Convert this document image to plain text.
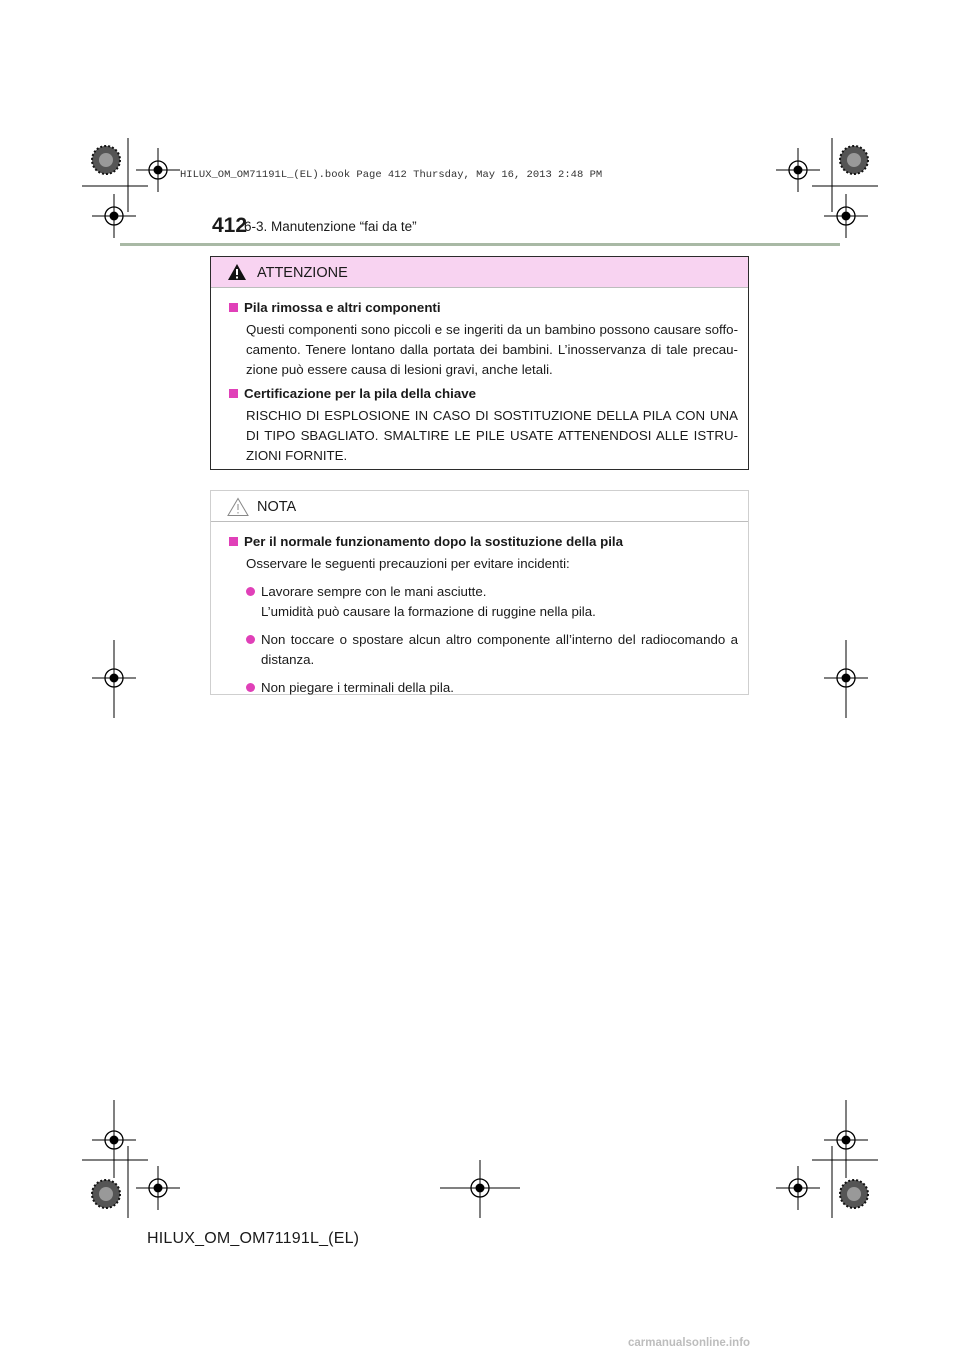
HILUX_OM_OM71191L_(EL).book Page 412 Thursday, May 16, 2013 2:48 PM
412
6-3. Manutenzione “fai da te”
ATTENZIONE
Pila rimossa e altri componenti
Questi componenti sono piccoli e se ingeriti da un bambino possono causare soffo-camento. Tenere lontano dalla portata dei bambini. L’inosservanza di tale precau-zione può essere causa di lesioni gravi, anche letali.
Certificazione per la pila della chiave
RISCHIO DI ESPLOSIONE IN CASO DI SOSTITUZIONE DELLA PILA CON UNA DI TIPO SBAGLIATO. SMALTIRE LE PILE USATE ATTENENDOSI ALLE ISTRU-ZIONI FORNITE.
NOTA
Per il normale funzionamento dopo la sostituzione della pila
Osservare le seguenti precauzioni per evitare incidenti:
Lavorare sempre con le mani asciutte.
L’umidità può causare la formazione di ruggine nella pila.
Non toccare o spostare alcun altro componente all’interno del radiocomando a distanza.
Non piegare i terminali della pila.
HILUX_OM_OM71191L_(EL)
carmanualsonline.info
